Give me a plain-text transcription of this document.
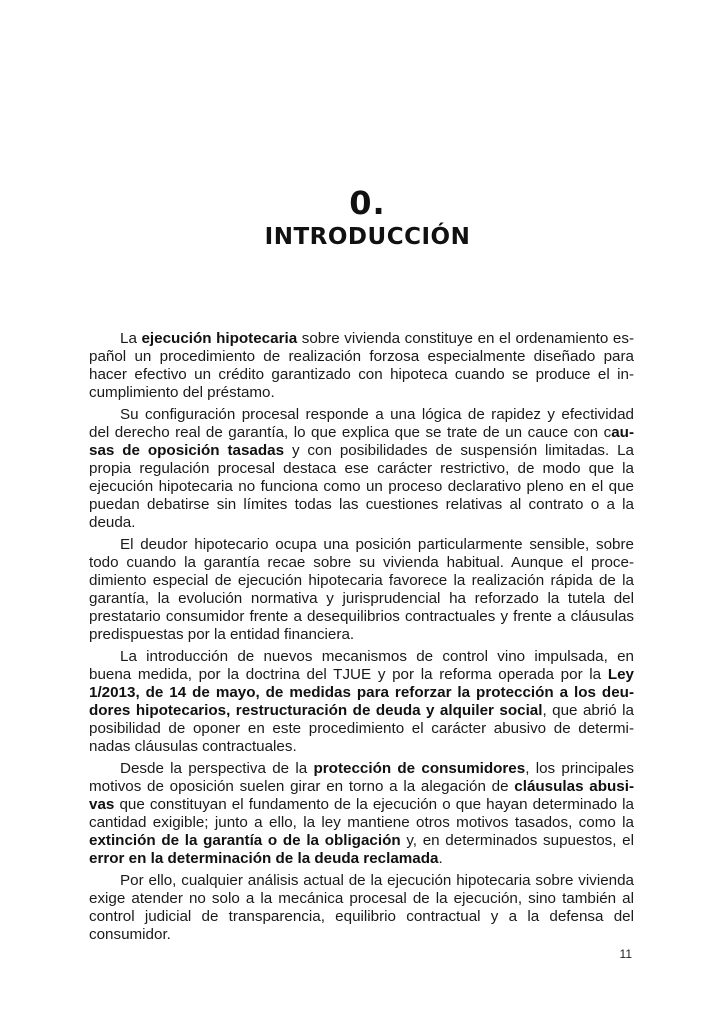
0.
INTRODUCCIÓN

La ejecución hipotecaria sobre vivienda constituye en el ordenamiento español un procedimiento de realización forzosa especialmente diseñado para hacer efectivo un crédito garantizado con hipoteca cuando se produce el incumplimiento del préstamo.

Su configuración procesal responde a una lógica de rapidez y efectividad del derecho real de garantía, lo que explica que se trate de un cauce con causas de oposición tasadas y con posibilidades de suspensión limitadas. La propia regulación procesal destaca ese carácter restrictivo, de modo que la ejecución hipotecaria no funciona como un proceso declarativo pleno en el que puedan debatirse sin límites todas las cuestiones relativas al contrato o a la deuda.

El deudor hipotecario ocupa una posición particularmente sensible, sobre todo cuando la garantía recae sobre su vivienda habitual. Aunque el procedimiento especial de ejecución hipotecaria favorece la realización rápida de la garantía, la evolución normativa y jurisprudencial ha reforzado la tutela del prestatario consumidor frente a desequilibrios contractuales y frente a cláusulas predispuestas por la entidad financiera.

La introducción de nuevos mecanismos de control vino impulsada, en buena medida, por la doctrina del TJUE y por la reforma operada por la Ley 1/2013, de 14 de mayo, de medidas para reforzar la protección a los deudores hipotecarios, restructuración de deuda y alquiler social, que abrió la posibilidad de oponer en este procedimiento el carácter abusivo de determinadas cláusulas contractuales.

Desde la perspectiva de la protección de consumidores, los principales motivos de oposición suelen girar en torno a la alegación de cláusulas abusivas que constituyan el fundamento de la ejecución o que hayan determinado la cantidad exigible; junto a ello, la ley mantiene otros motivos tasados, como la extinción de la garantía o de la obligación y, en determinados supuestos, el error en la determinación de la deuda reclamada.

Por ello, cualquier análisis actual de la ejecución hipotecaria sobre vivienda exige atender no solo a la mecánica procesal de la ejecución, sino también al control judicial de transparencia, equilibrio contractual y a la defensa del consumidor.

11
